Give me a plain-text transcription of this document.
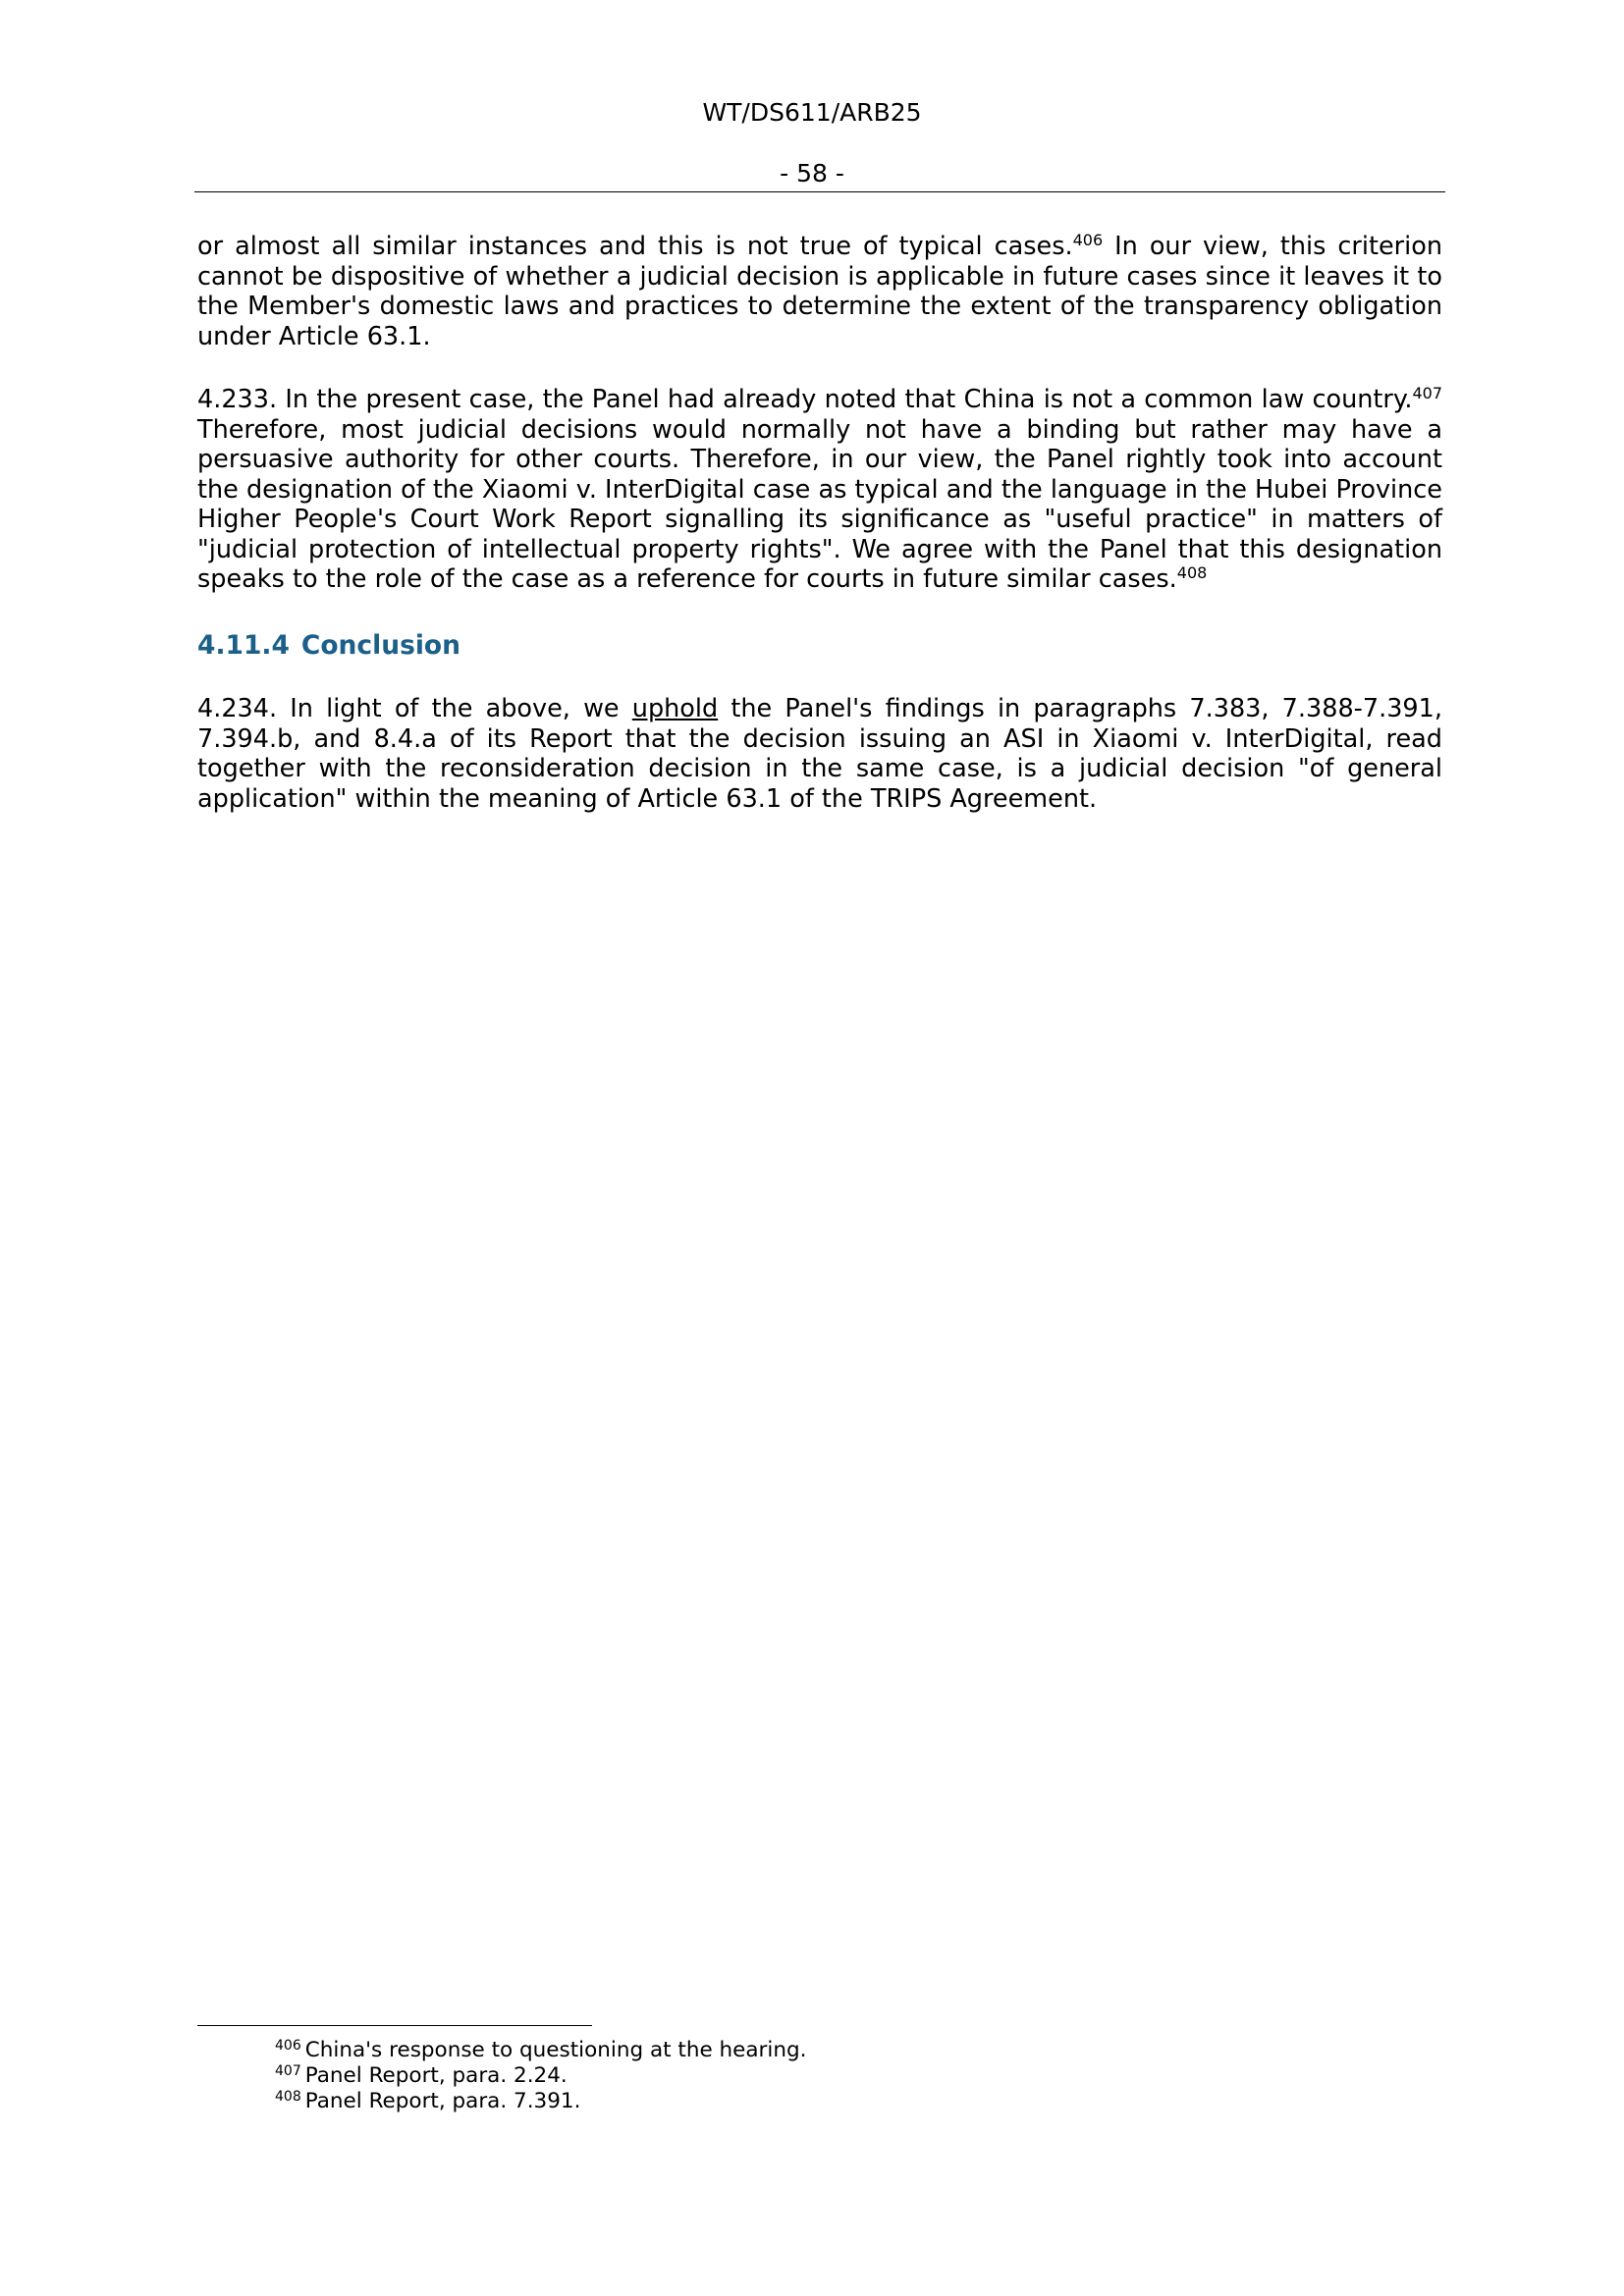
WT/DS611/ARB25
- 58 -

or almost all similar instances and this is not true of typical cases.$^{406}$ In our view, this criterion cannot be dispositive of whether a judicial decision is applicable in future cases since it leaves it to the Member's domestic laws and practices to determine the extent of the transparency obligation under Article 63.1.

4.233. In the present case, the Panel had already noted that China is not a common law country.$^{407}$ Therefore, most judicial decisions would normally not have a binding but rather may have a persuasive authority for other courts. Therefore, in our view, the Panel rightly took into account the designation of the Xiaomi v. InterDigital case as typical and the language in the Hubei Province Higher People's Court Work Report signalling its significance as "useful practice" in matters of "judicial protection of intellectual property rights". We agree with the Panel that this designation speaks to the role of the case as a reference for courts in future similar cases.$^{408}$

4.11.4 Conclusion

4.234. In light of the above, we uphold the Panel's findings in paragraphs 7.383, 7.388-7.391, 7.394.b, and 8.4.a of its Report that the decision issuing an ASI in Xiaomi v. InterDigital, read together with the reconsideration decision in the same case, is a judicial decision "of general application" within the meaning of Article 63.1 of the TRIPS Agreement.

$^{406}$ China's response to questioning at the hearing.
$^{407}$ Panel Report, para. 2.24.
$^{408}$ Panel Report, para. 7.391.
